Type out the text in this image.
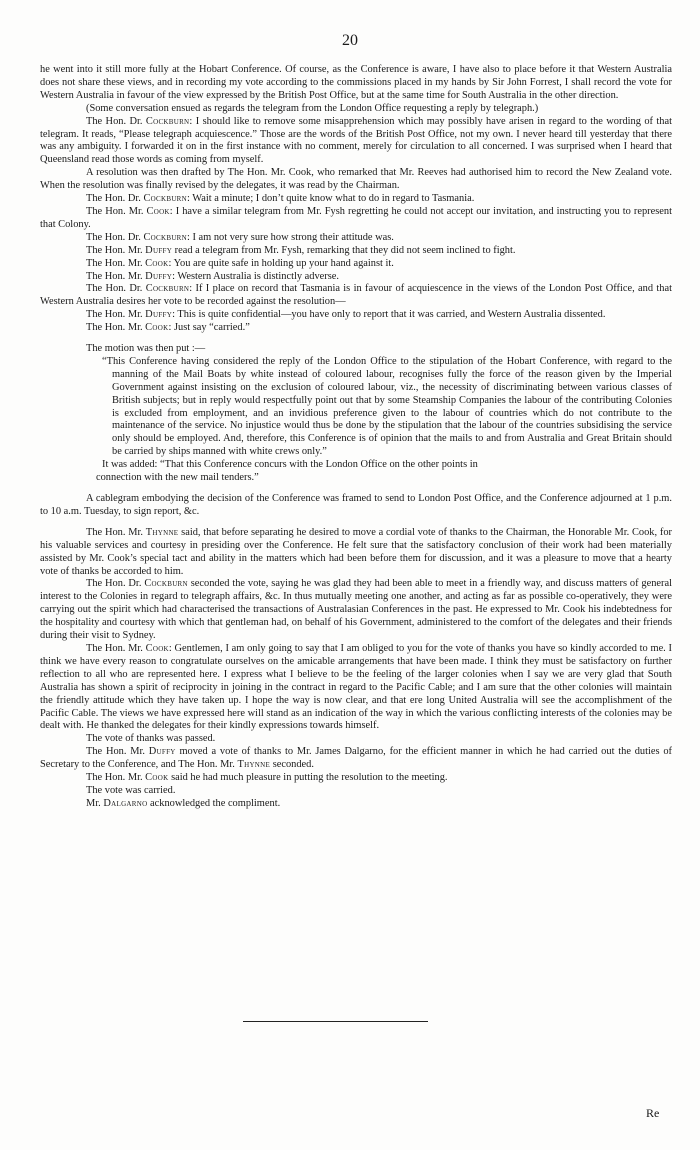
20

he went into it still more fully at the Hobart Conference. Of course, as the Conference is aware, I have also to place before it that Western Australia does not share these views, and in recording my vote according to the commissions placed in my hands by Sir John Forrest, I shall record the vote for Western Australia in favour of the view expressed by the British Post Office, but at the same time for South Australia in the other direction.

(Some conversation ensued as regards the telegram from the London Office requesting a reply by telegraph.)

The Hon. Dr. Cockburn: I should like to remove some misapprehension which may possibly have arisen in regard to the wording of that telegram. It reads, “Please telegraph acquiescence.” Those are the words of the British Post Office, not my own. I never heard till yesterday that there was any ambiguity. I forwarded it on in the first instance with no comment, merely for circulation to all concerned. I was surprised when I heard that Queensland read those words as coming from myself.

A resolution was then drafted by The Hon. Mr. Cook, who remarked that Mr. Reeves had authorised him to record the New Zealand vote. When the resolution was finally revised by the delegates, it was read by the Chairman.

The Hon. Dr. Cockburn: Wait a minute; I don’t quite know what to do in regard to Tasmania.

The Hon. Mr. Cook: I have a similar telegram from Mr. Fysh regretting he could not accept our invitation, and instructing you to represent that Colony.

The Hon. Dr. Cockburn: I am not very sure how strong their attitude was.

The Hon. Mr. Duffy read a telegram from Mr. Fysh, remarking that they did not seem inclined to fight.

The Hon. Mr. Cook: You are quite safe in holding up your hand against it.

The Hon. Mr. Duffy: Western Australia is distinctly adverse.

The Hon. Dr. Cockburn: If I place on record that Tasmania is in favour of acquiescence in the views of the London Post Office, and that Western Australia desires her vote to be recorded against the resolution—

The Hon. Mr. Duffy: This is quite confidential—you have only to report that it was carried, and Western Australia dissented.

The Hon. Mr. Cook: Just say “carried.”

The motion was then put :—

“This Conference having considered the reply of the London Office to the stipulation of the Hobart Conference, with regard to the manning of the Mail Boats by white instead of coloured labour, recognises fully the force of the reason given by the Imperial Government against insisting on the exclusion of coloured labour, viz., the necessity of discriminating between various classes of British subjects; but in reply would respectfully point out that by some Steamship Companies the labour of the contributing Colonies is excluded from employment, and an invidious preference given to the labour of countries which do not contribute to the maintenance of the service. No injustice would thus be done by the stipulation that the labour of the countries subsidising the service only should be employed. And, therefore, this Conference is of opinion that the mails to and from Australia and Great Britain should be carried by ships manned with white crews only.”

It was added: “That this Conference concurs with the London Office on the other points in

connection with the new mail tenders.”

A cablegram embodying the decision of the Conference was framed to send to London Post Office, and the Conference adjourned at 1 p.m. to 10 a.m. Tuesday, to sign report, &c.

The Hon. Mr. Thynne said, that before separating he desired to move a cordial vote of thanks to the Chairman, the Honorable Mr. Cook, for his valuable services and courtesy in presiding over the Conference. He felt sure that the satisfactory conclusion of their work had been materially assisted by Mr. Cook’s special tact and ability in the matters which had been before them for discussion, and it was a pleasure to move that a hearty vote of thanks be accorded to him.

The Hon. Dr. Cockburn seconded the vote, saying he was glad they had been able to meet in a friendly way, and discuss matters of general interest to the Colonies in regard to telegraph affairs, &c. In thus mutually meeting one another, and acting as far as possible co-operatively, they were carrying out the spirit which had characterised the transactions of Australasian Conferences in the past. He expressed to Mr. Cook his indebtedness for the hospitality and courtesy with which that gentleman had, on behalf of his Government, administered to the comfort of the delegates and their friends during their visit to Sydney.

The Hon. Mr. Cook: Gentlemen, I am only going to say that I am obliged to you for the vote of thanks you have so kindly accorded to me. I think we have every reason to congratulate ourselves on the amicable arrangements that have been made. I think they must be satisfactory on further reflection to all who are represented here. I express what I believe to be the feeling of the larger colonies when I say we are very glad that South Australia has shown a spirit of reciprocity in joining in the contract in regard to the Pacific Cable; and I am sure that the other colonies will maintain the friendly attitude which they have taken up. I hope the way is now clear, and that ere long United Australia will see the accomplishment of the Pacific Cable. The views we have expressed here will stand as an indication of the way in which the various conflicting interests of the colonies may be dealt with. He thanked the delegates for their kindly expressions towards himself.

The vote of thanks was passed.

The Hon. Mr. Duffy moved a vote of thanks to Mr. James Dalgarno, for the efficient manner in which he had carried out the duties of Secretary to the Conference, and The Hon. Mr. Thynne seconded.

The Hon. Mr. Cook said he had much pleasure in putting the resolution to the meeting.

The vote was carried.

Mr. Dalgarno acknowledged the compliment.

Re
